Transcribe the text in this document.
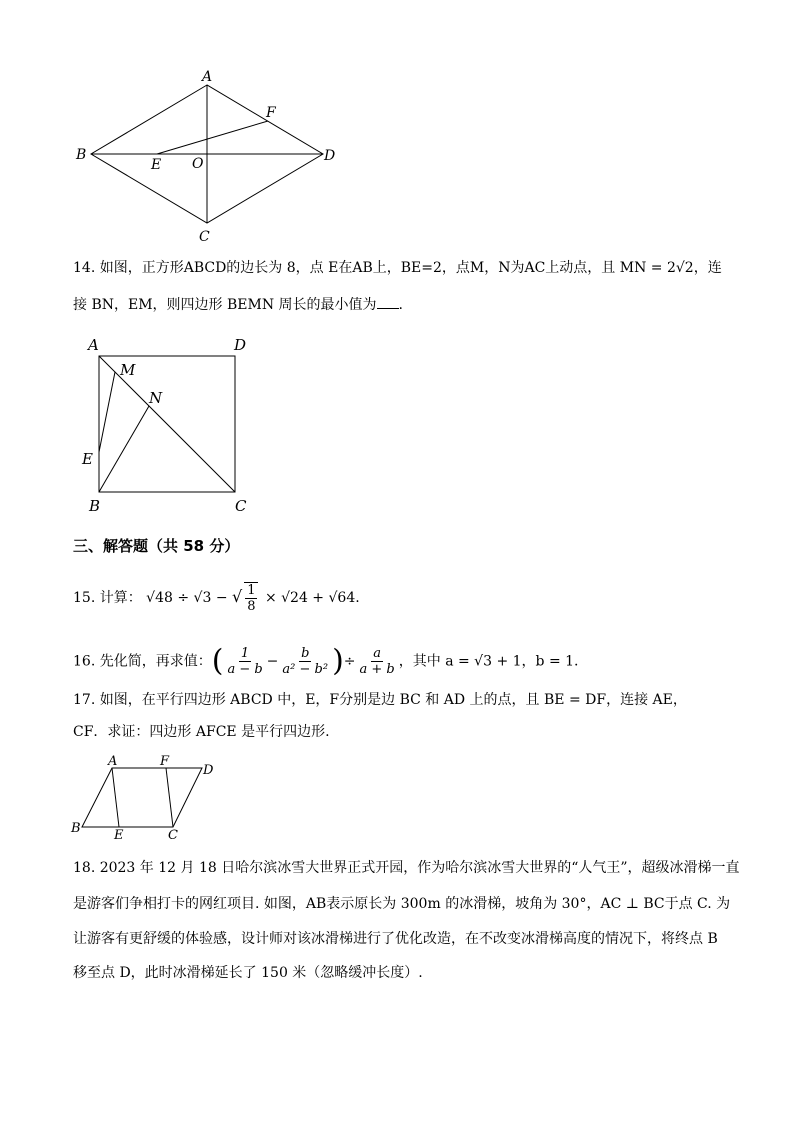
A
B
C
D
E
F
O
14. 如图，正方形ABCD的边长为 8，点 E在AB上，BE=2，点M，N为AC上动点，且 MN = 2√2，连
接 BN，EM，则四边形 BEMN 周长的最小值为 .
A	D
M
N
E
B	C
三、解答题（共 58 分）
15. 计算： √48 ÷ √3 − √ $\frac{1}{8} \times √24 + √64$.
16. 先化简，再求值：( $\frac{1}{a - b} - \frac{b}{\text{a² − b²}}$ )÷ $\frac{a}{a + b}$ ，其中 a = √3 + 1，b = 1.
17. 如图，在平行四边形 ABCD 中，E，F分别是边 BC 和 AD 上的点，且 BE = DF，连接 AE，
CF．求证：四边形 AFCE 是平行四边形.
A	F
D
B	E	C
18. 2023 年 12 月 18 日哈尔滨冰雪大世界正式开园，作为哈尔滨冰雪大世界的“人气王”，超级冰滑梯一直
是游客们争相打卡的网红项目. 如图，AB表示原长为 300m 的冰滑梯，坡角为 30°，AC ⊥ BC于点 C. 为
让游客有更舒缓的体验感，设计师对该冰滑梯进行了优化改造，在不改变冰滑梯高度的情况下，将终点 B
移至点 D，此时冰滑梯延长了 150 米（忽略缓冲长度）.
